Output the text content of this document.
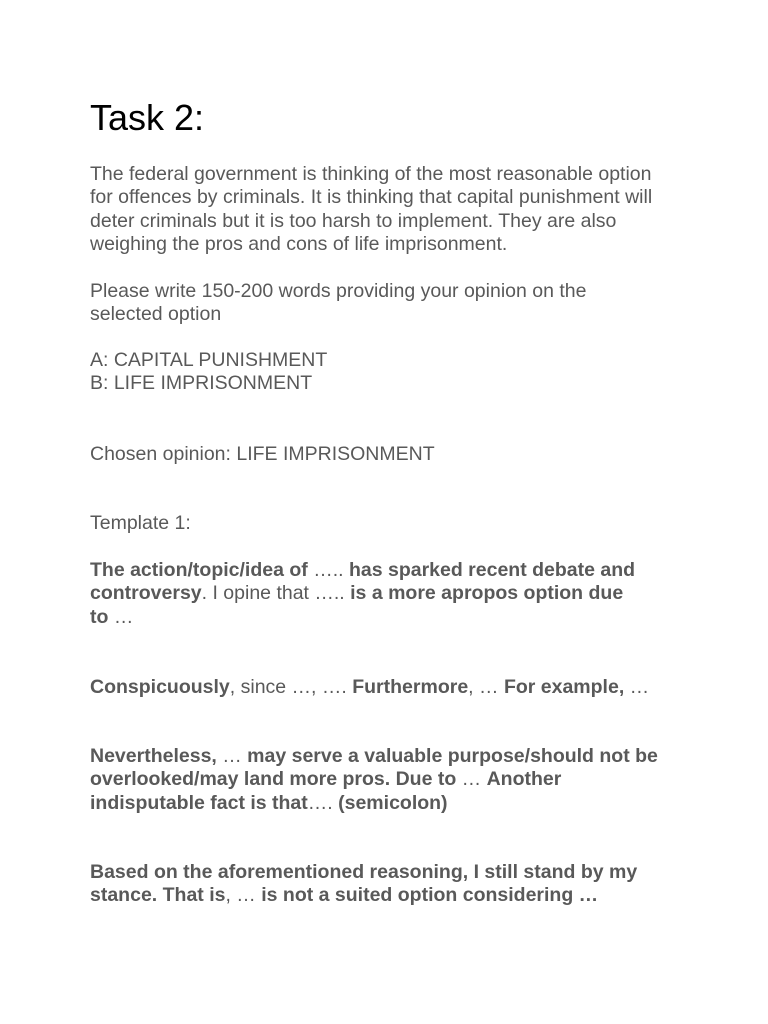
Task 2:

The federal government is thinking of the most reasonable option
for offences by criminals. It is thinking that capital punishment will
deter criminals but it is too harsh to implement. They are also
weighing the pros and cons of life imprisonment.

Please write 150-200 words providing your opinion on the
selected option

A: CAPITAL PUNISHMENT
B: LIFE IMPRISONMENT

Chosen opinion: LIFE IMPRISONMENT

Template 1:

The action/topic/idea of ….. has sparked recent debate and
controversy. I opine that ….. is a more apropos option due
to …

Conspicuously, since …, …. Furthermore, … For example, …

Nevertheless, … may serve a valuable purpose/should not be
overlooked/may land more pros. Due to … Another
indisputable fact is that…. (semicolon)

Based on the aforementioned reasoning, I still stand by my
stance. That is, … is not a suited option considering …
